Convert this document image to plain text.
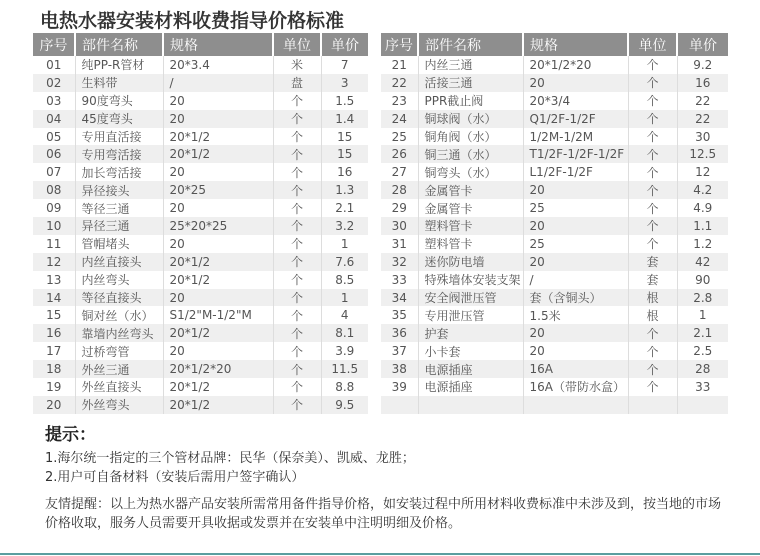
电热水器安装材料收费指导价格标准
序号	部件名称	规格	单位	单价
01	纯PP-R管材	20*3.4	米	7
02	生料带	/	盘	3
03	90度弯头	20	个	1.5
04	45度弯头	20	个	1.4
05	专用直活接	20*1/2	个	15
06	专用弯活接	20*1/2	个	15
07	加长弯活接	20	个	16
08	异径接头	20*25	个	1.3
09	等径三通	20	个	2.1
10	异径三通	25*20*25	个	3.2
11	管帽堵头	20	个	1
12	内丝直接头	20*1/2	个	7.6
13	内丝弯头	20*1/2	个	8.5
14	等径直接头	20	个	1
15	铜对丝（水）	S1/2"M-1/2"M	个	4
16	靠墙内丝弯头	20*1/2	个	8.1
17	过桥弯管	20	个	3.9
18	外丝三通	20*1/2*20	个	11.5
19	外丝直接头	20*1/2	个	8.8
20	外丝弯头	20*1/2	个	9.5
序号	部件名称	规格	单位	单价
21	内丝三通	20*1/2*20	个	9.2
22	活接三通	20	个	16
23	PPR截止阀	20*3/4	个	22
24	铜球阀（水）	Q1/2F-1/2F	个	22
25	铜角阀（水）	1/2M-1/2M	个	30
26	铜三通（水）	T1/2F-1/2F-1/2F	个	12.5
27	铜弯头（水）	L1/2F-1/2F	个	12
28	金属管卡	20	个	4.2
29	金属管卡	25	个	4.9
30	塑料管卡	20	个	1.1
31	塑料管卡	25	个	1.2
32	迷你防电墙	20	套	42
33	特殊墙体安装支架	/	套	90
34	安全阀泄压管	套（含铜头）	根	2.8
35	专用泄压管	1.5米	根	1
36	护套	20	个	2.1
37	小卡套	20	个	2.5
38	电源插座	16A	个	28
39	电源插座	16A（带防水盒）	个	33

提示：
1.海尔统一指定的三个管材品牌：民华（保奈美）、凯威、龙胜；
2.用户可自备材料（安装后需用户签字确认）
友情提醒：以上为热水器产品安装所需常用备件指导价格，如安装过程中所用材料收费标准中未涉及到，按当地的市场价格收取，服务人员需要开具收据或发票并在安装单中注明明细及价格。
